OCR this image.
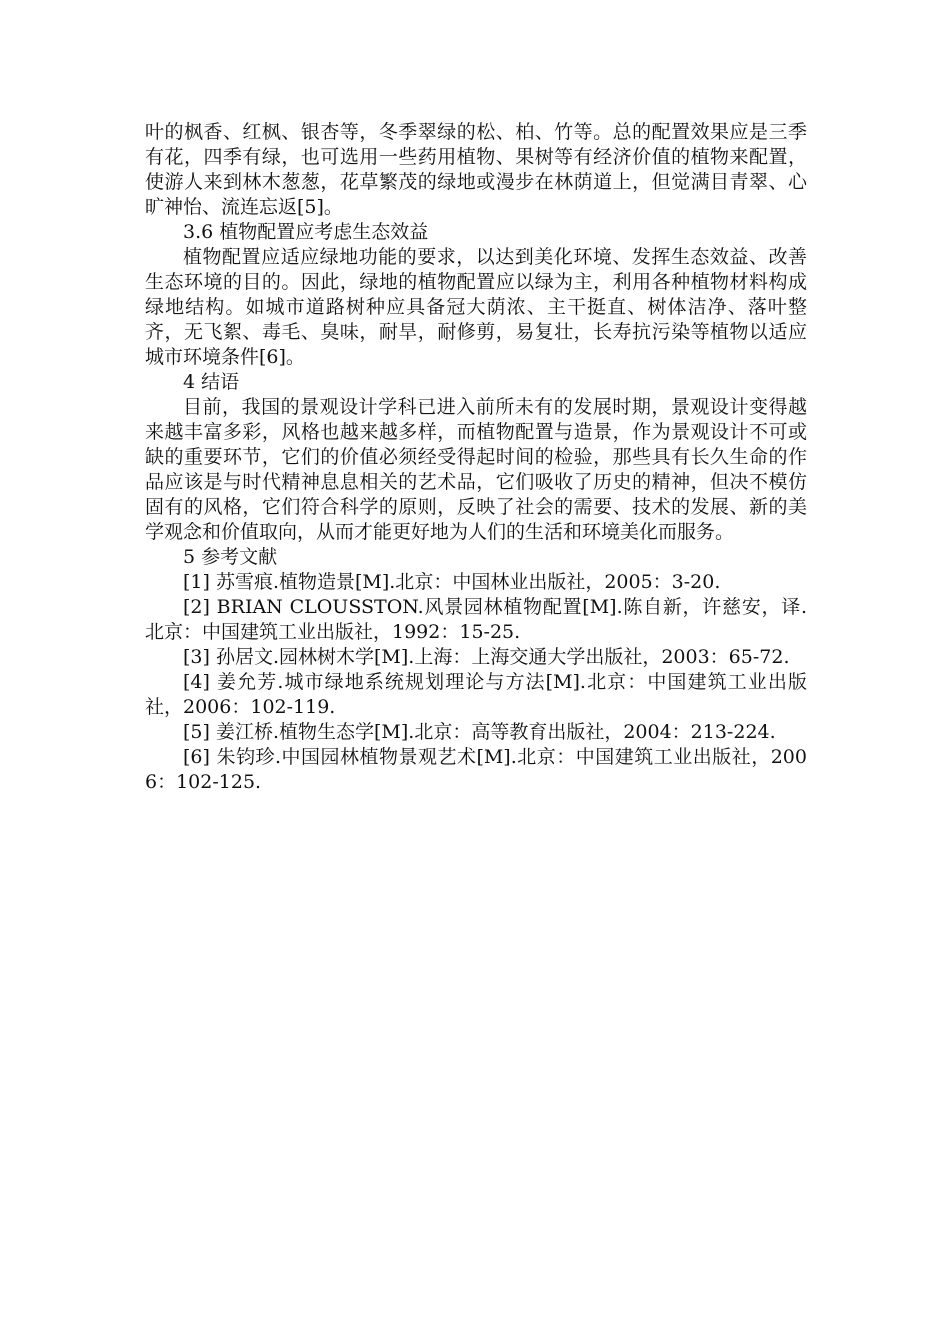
叶的枫香、红枫、银杏等，冬季翠绿的松、柏、竹等。总的配置效果应是三季有花，四季有绿，也可选用一些药用植物、果树等有经济价值的植物来配置，使游人来到林木葱葱，花草繁茂的绿地或漫步在林荫道上，但觉满目青翠、心旷神怡、流连忘返[5]。

3.6 植物配置应考虑生态效益

植物配置应适应绿地功能的要求，以达到美化环境、发挥生态效益、改善生态环境的目的。因此，绿地的植物配置应以绿为主，利用各种植物材料构成绿地结构。如城市道路树种应具备冠大荫浓、主干挺直、树体洁净、落叶整齐，无飞絮、毒毛、臭味，耐旱，耐修剪，易复壮，长寿抗污染等植物以适应城市环境条件[6]。

4 结语

目前，我国的景观设计学科已进入前所未有的发展时期，景观设计变得越来越丰富多彩，风格也越来越多样，而植物配置与造景，作为景观设计不可或缺的重要环节，它们的价值必须经受得起时间的检验，那些具有长久生命的作品应该是与时代精神息息相关的艺术品，它们吸收了历史的精神，但决不模仿固有的风格，它们符合科学的原则，反映了社会的需要、技术的发展、新的美学观念和价值取向，从而才能更好地为人们的生活和环境美化而服务。

5 参考文献

[1] 苏雪痕.植物造景[M].北京：中国林业出版社，2005：3-20.

[2] BRIAN CLOUSSTON.风景园林植物配置[M].陈自新，许慈安，译.北京：中国建筑工业出版社，1992：15-25.

[3] 孙居文.园林树木学[M].上海：上海交通大学出版社，2003：65-72.

[4] 姜允芳.城市绿地系统规划理论与方法[M].北京：中国建筑工业出版社，2006：102-119.

[5] 姜江桥.植物生态学[M].北京：高等教育出版社，2004：213-224.

[6] 朱钧珍.中国园林植物景观艺术[M].北京：中国建筑工业出版社，2006：102-125.
